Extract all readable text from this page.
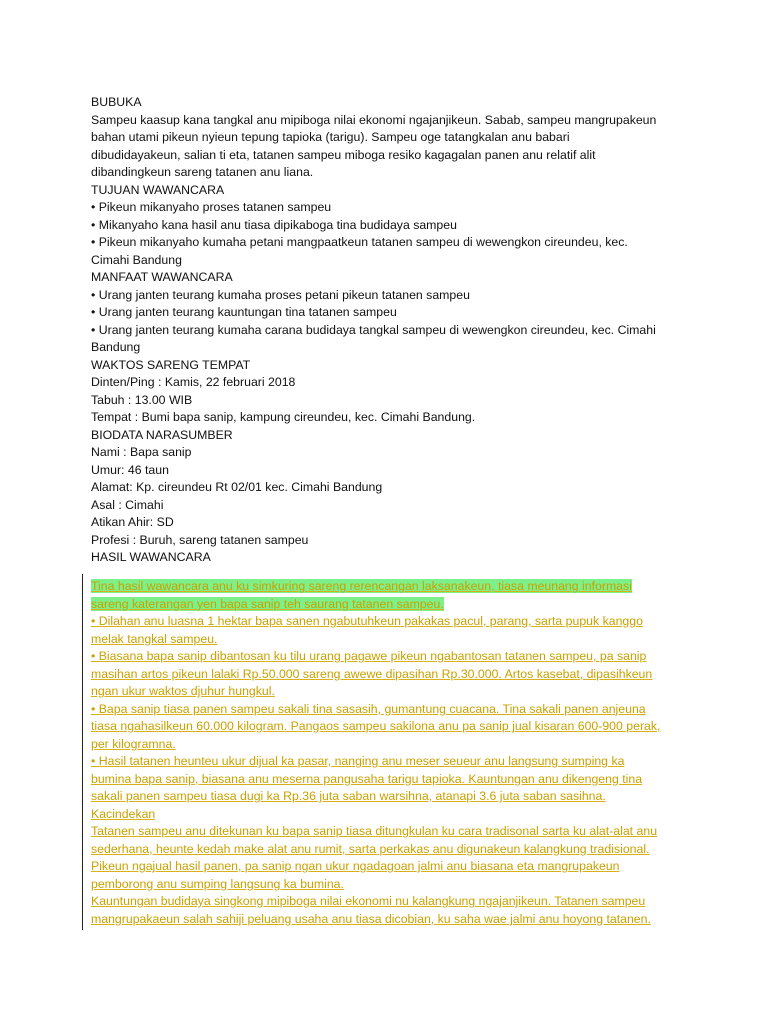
BUBUKA
Sampeu kaasup kana tangkal anu mipiboga nilai ekonomi ngajanjikeun. Sabab, sampeu mangrupakeun
bahan utami pikeun nyieun tepung tapioka (tarigu). Sampeu oge tatangkalan anu babari
dibudidayakeun, salian ti eta, tatanen sampeu miboga resiko kagagalan panen anu relatif alit
dibandingkeun sareng tatanen anu liana.
TUJUAN WAWANCARA
• Pikeun mikanyaho proses tatanen sampeu
• Mikanyaho kana hasil anu tiasa dipikaboga tina budidaya sampeu
• Pikeun mikanyaho kumaha petani mangpaatkeun tatanen sampeu di wewengkon cireundeu, kec.
Cimahi Bandung
MANFAAT WAWANCARA
• Urang janten teurang kumaha proses petani pikeun tatanen sampeu
• Urang janten teurang kauntungan tina tatanen sampeu
• Urang janten teurang kumaha carana budidaya tangkal sampeu di wewengkon cireundeu, kec. Cimahi
Bandung
WAKTOS SARENG TEMPAT
Dinten/Ping : Kamis, 22 februari 2018
Tabuh : 13.00 WIB
Tempat : Bumi bapa sanip, kampung cireundeu, kec. Cimahi Bandung.
BIODATA NARASUMBER
Nami : Bapa sanip
Umur: 46 taun
Alamat: Kp. cireundeu Rt 02/01 kec. Cimahi Bandung
Asal : Cimahi
Atikan Ahir: SD
Profesi : Buruh, sareng tatanen sampeu
HASIL WAWANCARA
Tina hasil wawancara anu ku simkuring sareng rerencangan laksanakeun, tiasa meunang informasi
sareng katerangan yen bapa sanip teh saurang tatanen sampeu.
• Dilahan anu luasna 1 hektar bapa sanen ngabutuhkeun pakakas pacul, parang, sarta pupuk kanggo
melak tangkal sampeu.
• Biasana bapa sanip dibantosan ku tilu urang pagawe pikeun ngabantosan tatanen sampeu, pa sanip
masihan artos pikeun lalaki Rp.50.000 sareng awewe dipasihan Rp.30.000. Artos kasebat, dipasihkeun
ngan ukur waktos djuhur hungkul.
• Bapa sanip tiasa panen sampeu sakali tina sasasih, gumantung cuacana. Tina sakali panen anjeuna
tiasa ngahasilkeun 60.000 kilogram. Pangaos sampeu sakilona anu pa sanip jual kisaran 600-900 perak,
per kilogramna.
• Hasil tatanen heunteu ukur dijual ka pasar, nanging anu meser seueur anu langsung sumping ka
bumina bapa sanip, biasana anu meserna pangusaha tarigu tapioka. Kauntungan anu dikengeng tina
sakali panen sampeu tiasa dugi ka Rp.36 juta saban warsihna, atanapi 3.6 juta saban sasihna.
Kacindekan
Tatanen sampeu anu ditekunan ku bapa sanip tiasa ditungkulan ku cara tradisonal sarta ku alat-alat anu
sederhana, heunte kedah make alat anu rumit, sarta perkakas anu digunakeun kalangkung tradisional.
Pikeun ngajual hasil panen, pa sanip ngan ukur ngadagoan jalmi anu biasana eta mangrupakeun
pemborong anu sumping langsung ka bumina.
Kauntungan budidaya singkong mipiboga nilai ekonomi nu kalangkung ngajanjikeun. Tatanen sampeu
mangrupakaeun salah sahiji peluang usaha anu tiasa dicobian, ku saha wae jalmi anu hoyong tatanen.
